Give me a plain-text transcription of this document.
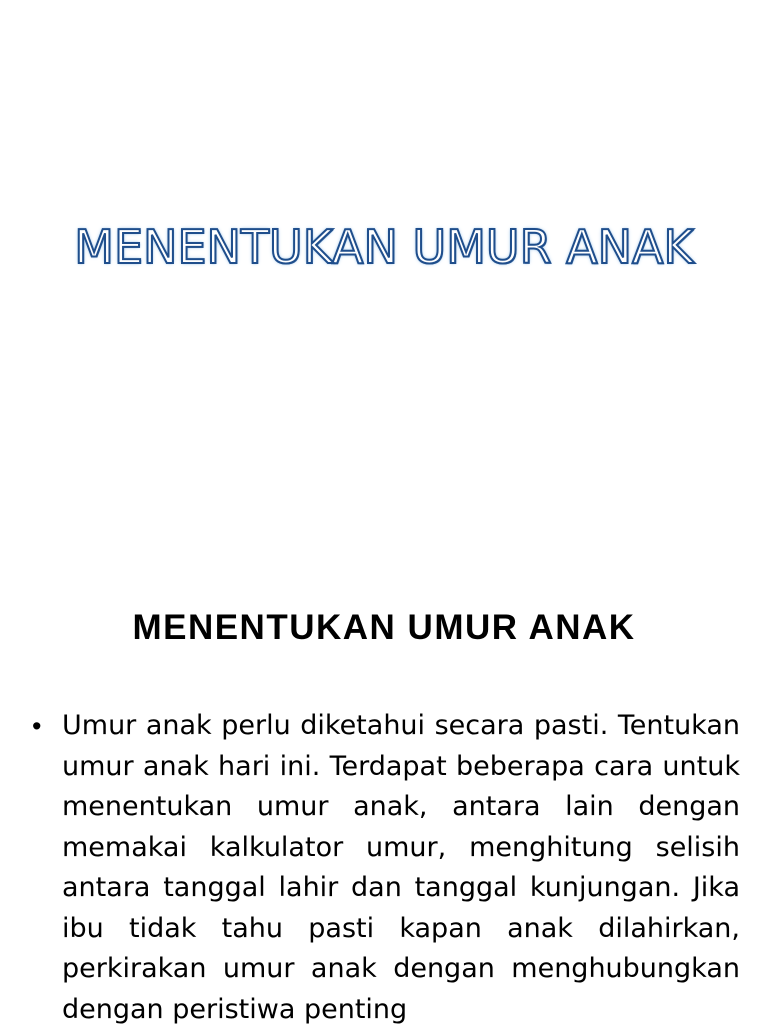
MENENTUKAN UMUR ANAK
MENENTUKAN UMUR ANAK
• Umur anak perlu diketahui secara pasti. Tentukan umur anak hari ini. Terdapat beberapa cara untuk menentukan umur anak, antara lain dengan memakai kalkulator umur, menghitung selisih antara tanggal lahir dan tanggal kunjungan. Jika ibu tidak tahu pasti kapan anak dilahirkan, perkirakan umur anak dengan menghubungkan dengan peristiwa penting
